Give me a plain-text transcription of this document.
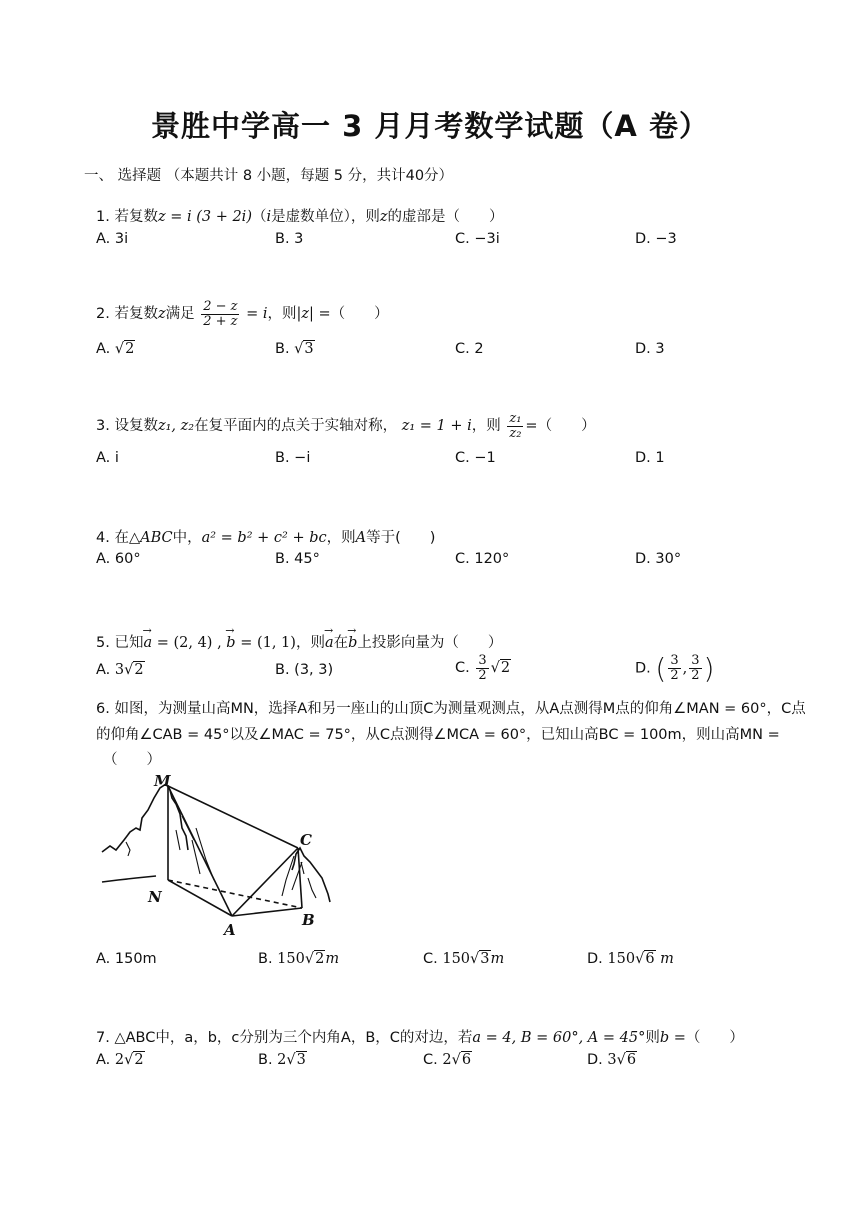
景胜中学高一 3 月月考数学试题（A 卷）
一、 选择题 （本题共计 8 小题，每题 5 分，共计40分）
1. 若复数z = i (3 + 2i)（i是虚数单位），则z的虚部是（　　）
A. 3i	B. 3	C. −3i	D. −3
2. 若复数z满足 $\frac{2 - z}{2 + z} = i$，则|z| =（　　）
A. √2	B. √3	C. 2	D. 3
3. 设复数z₁, z₂在复平面内的点关于实轴对称， z₁ = 1 + i，则 $\frac{\text{z₁}}{\text{z₂}}$ =（　　）
A. i	B. −i	C. −1	D. 1
4. 在△ABC中，a² = b² + c² + bc，则A等于(　　)
A. 60°	B. 45°	C. 120°	D. 30°
5. 已知→ a = (2, 4) , → b = (1, 1)，则→ a在→ b上投影向量为（　　）
A. 3√2	B. (3, 3)	C. $\frac{3}{2} √2$	D. ( $\frac{3}{2}$ , $\frac{3}{2}$ )
6. 如图，为测量山高MN，选择A和另一座山的山顶C为测量观测点，从A点测得M点的仰角∠MAN = 60°，C点
的仰角∠CAB = 45°以及∠MAC = 75°，从C点测得∠MCA = 60°，已知山高BC = 100m，则山高MN =
（　　）
M
N
A
B
C
A. 150m	B. 150√2m	C. 150√3m	D. 150√6 m
7. △ABC中，a，b，c分别为三个内角A，B，C的对边，若a = 4, B = 60°, A = 45°则b =（　　）
A. 2√2	B. 2√3	C. 2√6	D. 3√6
